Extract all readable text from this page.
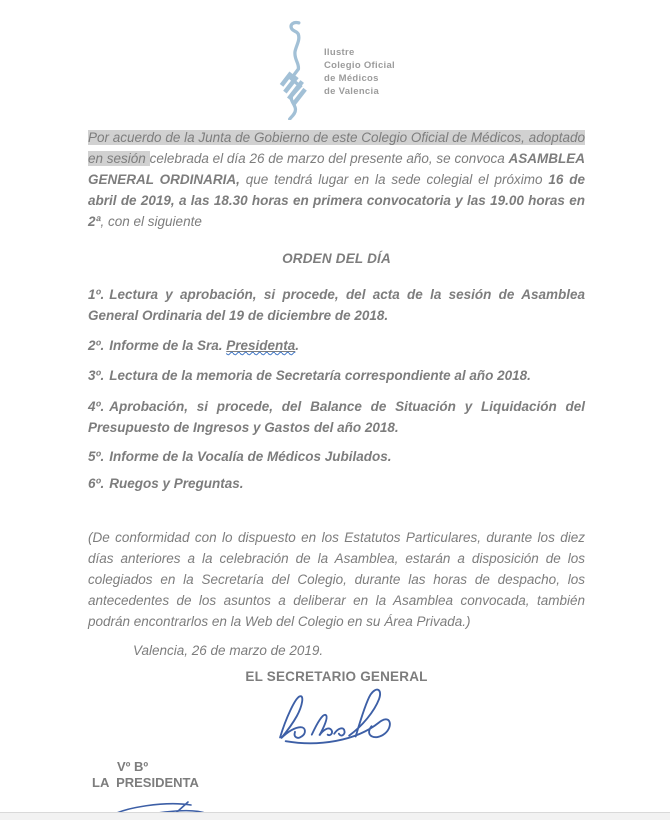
Ilustre
Colegio Oficial
de Médicos
de Valencia

Por acuerdo de la Junta de Gobierno de este Colegio Oficial de Médicos, adoptado en sesión celebrada el día 26 de marzo del presente año, se convoca ASAMBLEA GENERAL ORDINARIA, que tendrá lugar en la sede colegial el próximo 16 de abril de 2019, a las 18.30 horas en primera convocatoria y las 19.00 horas en 2ª, con el siguiente

ORDEN DEL DÍA

1º. Lectura y aprobación, si procede, del acta de la sesión de Asamblea General Ordinaria del 19 de diciembre de 2018.

2º. Informe de la Sra. Presidenta.

3º. Lectura de la memoria de Secretaría correspondiente al año 2018.

4º. Aprobación, si procede, del Balance de Situación y Liquidación del Presupuesto de Ingresos y Gastos del año 2018.

5º. Informe de la Vocalía de Médicos Jubilados.

6º. Ruegos y Preguntas.

(De conformidad con lo dispuesto en los Estatutos Particulares, durante los diez días anteriores a la celebración de la Asamblea, estarán a disposición de los colegiados en la Secretaría del Colegio, durante las horas de despacho, los antecedentes de los asuntos a deliberar en la Asamblea convocada, también podrán encontrarlos en la Web del Colegio en su Área Privada.)

Valencia, 26 de marzo de 2019.

EL SECRETARIO GENERAL

Vº Bº

LA  PRESIDENTA
